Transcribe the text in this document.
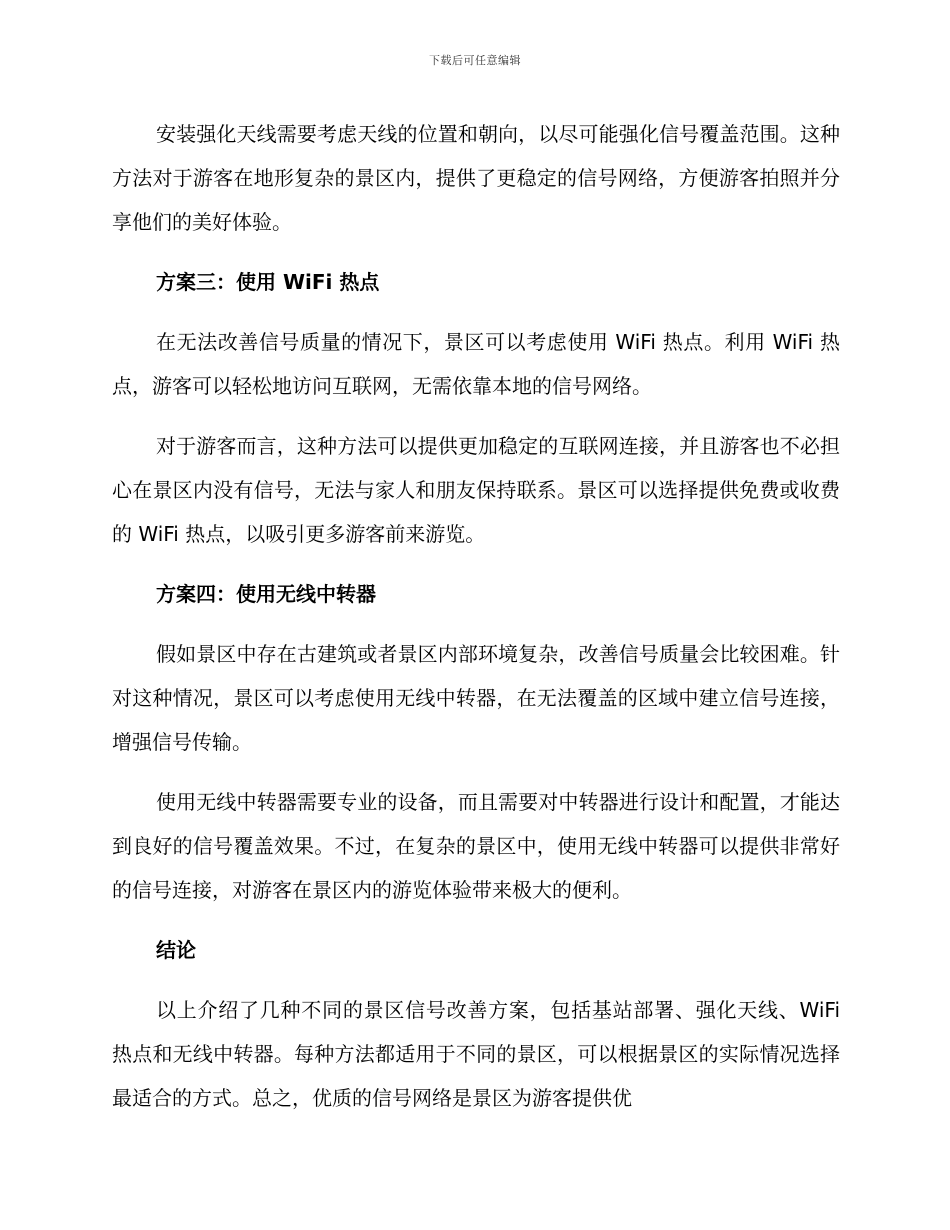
下载后可任意编辑

安装强化天线需要考虑天线的位置和朝向，以尽可能强化信号覆盖范围。这种方法对于游客在地形复杂的景区内，提供了更稳定的信号网络，方便游客拍照并分享他们的美好体验。

方案三：使用 WiFi 热点

在无法改善信号质量的情况下，景区可以考虑使用 WiFi 热点。利用 WiFi 热点，游客可以轻松地访问互联网，无需依靠本地的信号网络。

对于游客而言，这种方法可以提供更加稳定的互联网连接，并且游客也不必担心在景区内没有信号，无法与家人和朋友保持联系。景区可以选择提供免费或收费的 WiFi 热点，以吸引更多游客前来游览。

方案四：使用无线中转器

假如景区中存在古建筑或者景区内部环境复杂，改善信号质量会比较困难。针对这种情况，景区可以考虑使用无线中转器，在无法覆盖的区域中建立信号连接，增强信号传输。

使用无线中转器需要专业的设备，而且需要对中转器进行设计和配置，才能达到良好的信号覆盖效果。不过，在复杂的景区中，使用无线中转器可以提供非常好的信号连接，对游客在景区内的游览体验带来极大的便利。

结论

以上介绍了几种不同的景区信号改善方案，包括基站部署、强化天线、WiFi 热点和无线中转器。每种方法都适用于不同的景区，可以根据景区的实际情况选择最适合的方式。总之，优质的信号网络是景区为游客提供优
